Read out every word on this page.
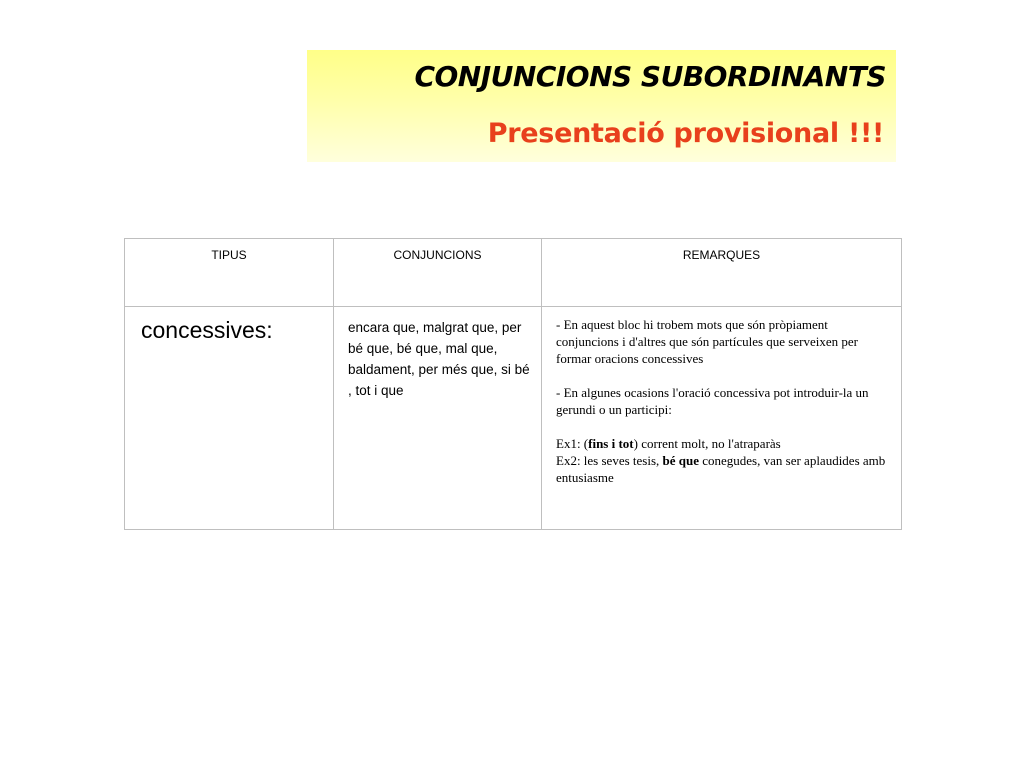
CONJUNCIONS SUBORDINANTS
Presentació provisional !!!
TIPUS	CONJUNCIONS	REMARQUES

concessives:	encara que, malgrat que, per bé que, bé que, mal que, baldament, per més que, si bé , tot i que	- En aquest bloc hi trobem mots que són pròpiament conjuncions i d'altres que són partícules que serveixen per formar oracions concessives

- En algunes ocasions l'oració concessiva pot introduir-la un gerundi o un participi:

Ex1: (fins i tot) corrent molt, no l'atraparàs

Ex2: les seves tesis, bé que conegudes, van ser aplaudides amb entusiasme
